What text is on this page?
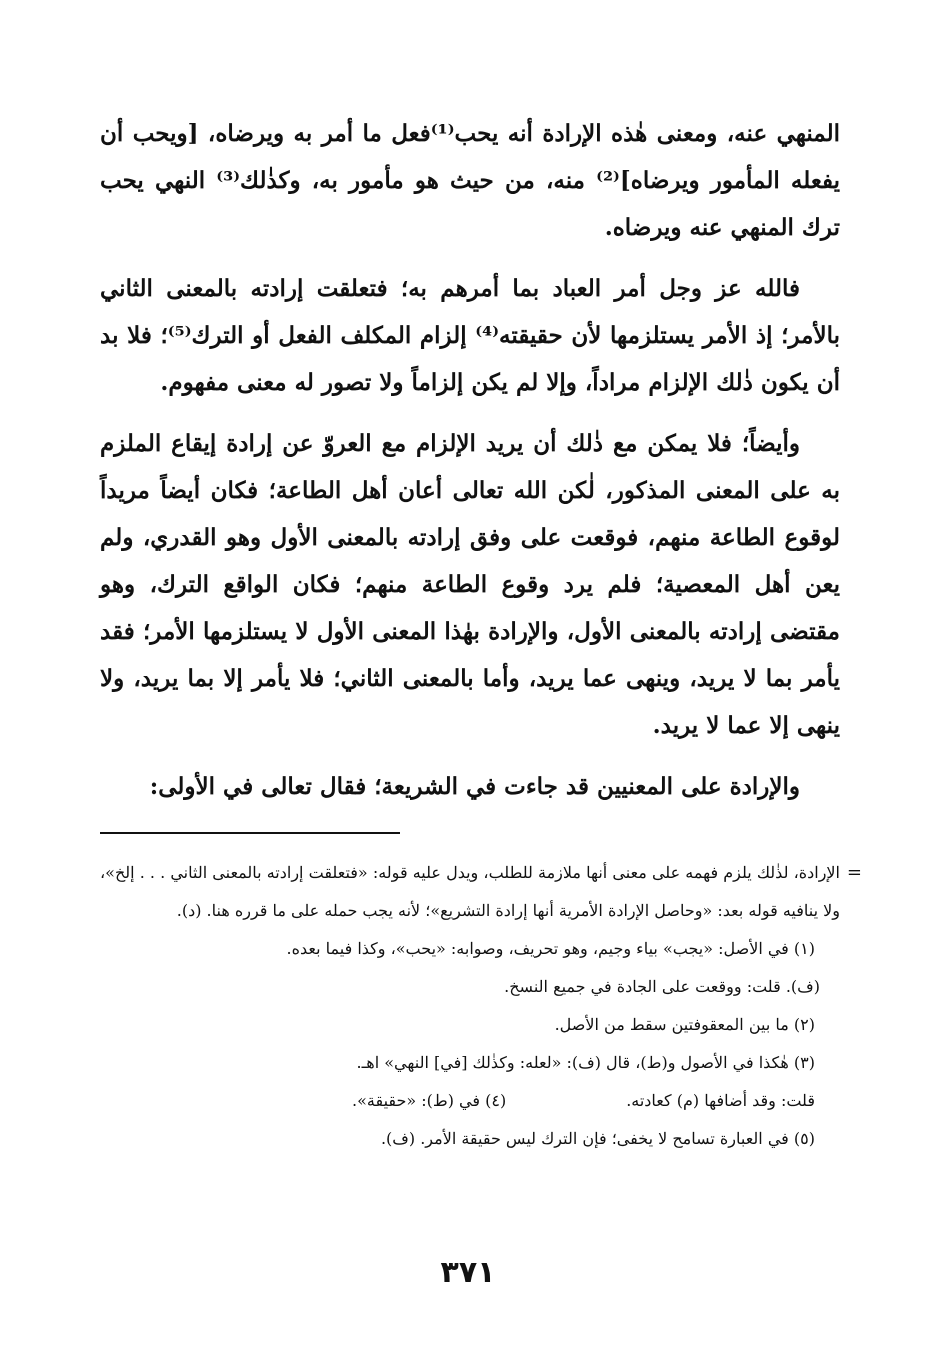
المنهي عنه، ومعنى هٰذه الإرادة أنه يحب⁽¹⁾فعل ما أمر به ويرضاه، [ويحب أن يفعله المأمور ويرضاه]⁽²⁾ منه، من حيث هو مأمور به، وكذٰلك⁽³⁾ النهي يحب ترك المنهي عنه ويرضاه.

فالله عز وجل أمر العباد بما أمرهم به؛ فتعلقت إرادته بالمعنى الثاني بالأمر؛ إذ الأمر يستلزمها لأن حقيقته⁽⁴⁾ إلزام المكلف الفعل أو الترك⁽⁵⁾؛ فلا بد أن يكون ذٰلك الإلزام مراداً، وإلا لم يكن إلزاماً ولا تصور له معنى مفهوم.

وأيضاً؛ فلا يمكن مع ذٰلك أن يريد الإلزام مع العروّ عن إرادة إيقاع الملزم به على المعنى المذكور، لٰكن الله تعالى أعان أهل الطاعة؛ فكان أيضاً مريداً لوقوع الطاعة منهم، فوقعت على وفق إرادته بالمعنى الأول وهو القدري، ولم يعن أهل المعصية؛ فلم يرد وقوع الطاعة منهم؛ فكان الواقع الترك، وهو مقتضى إرادته بالمعنى الأول، والإرادة بهٰذا المعنى الأول لا يستلزمها الأمر؛ فقد يأمر بما لا يريد، وينهى عما يريد، وأما بالمعنى الثاني؛ فلا يأمر إلا بما يريد، ولا ينهى إلا عما لا يريد.

والإرادة على المعنيين قد جاءت في الشريعة؛ فقال تعالى في الأولى:

=
الإرادة، لذٰلك يلزم فهمه على معنى أنها ملازمة للطلب، ويدل عليه قوله: «فتعلقت إرادته بالمعنى الثاني . . . إلخ»، ولا ينافيه قوله بعد: «وحاصل الإرادة الأمرية أنها إرادة التشريع»؛ لأنه يجب حمله على ما قرره هنا. (د).

(١) في الأصل: «يجب» بياء وجيم، وهو تحريف، وصوابه: «يحب»، وكذا فيما بعده.

(ف). قلت: ووقعت على الجادة في جميع النسخ.

(٢) ما بين المعقوفتين سقط من الأصل.

(٣) هٰكذا في الأصول و(ط)، قال (ف): «لعله: وكذٰلك [في] النهي» اهـ.

قلت: وقد أضافها (م) كعادته.
(٤) في (ط): «حقيقة».

(٥) في العبارة تسامح لا يخفى؛ فإن الترك ليس حقيقة الأمر. (ف).

٣٧١
